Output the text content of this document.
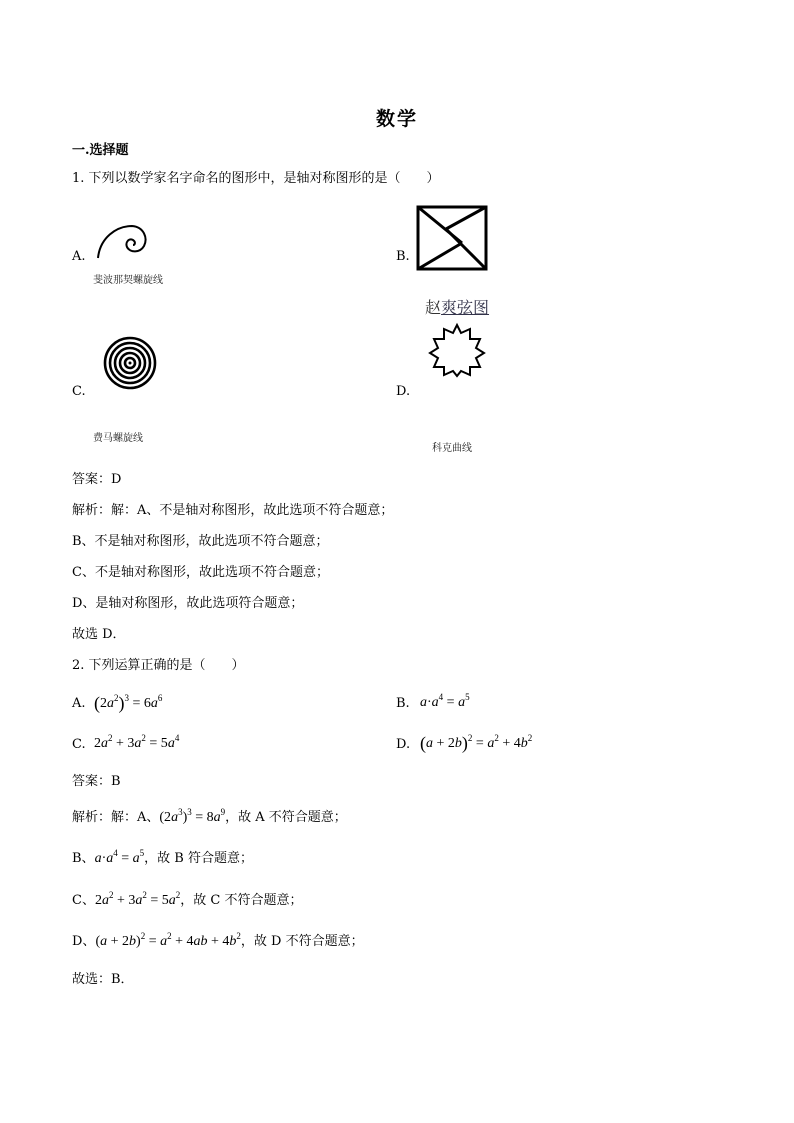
数学
一.选择题
1. 下列以数学家名字命名的图形中，是轴对称图形的是（　　）
A.
斐波那契螺旋线
B.
赵爽弦图
C.
费马螺旋线
D.
科克曲线
答案：D
解析：解：A、不是轴对称图形，故此选项不符合题意；
B、不是轴对称图形，故此选项不符合题意；
C、不是轴对称图形，故此选项不符合题意；
D、是轴对称图形，故此选项符合题意；
故选 D．
2. 下列运算正确的是（　　）
A. $(2a^2)^3 = 6a^6$	B. $a\cdot a^4 = a^5$
C. $2a^2 + 3a^2 = 5a^4$	D. $(a + 2b)^2 = a^2 + 4b^2$
答案：B
解析：解：A、$(2a^3)^3 = 8a^9$，故 A 不符合题意；
B、$a\cdot a^4 = a^5$，故 B 符合题意；
C、$2a^2 + 3a^2 = 5a^2$，故 C 不符合题意；
D、$(a + 2b)^2 = a^2 + 4ab + 4b^2$，故 D 不符合题意；
故选：B．
